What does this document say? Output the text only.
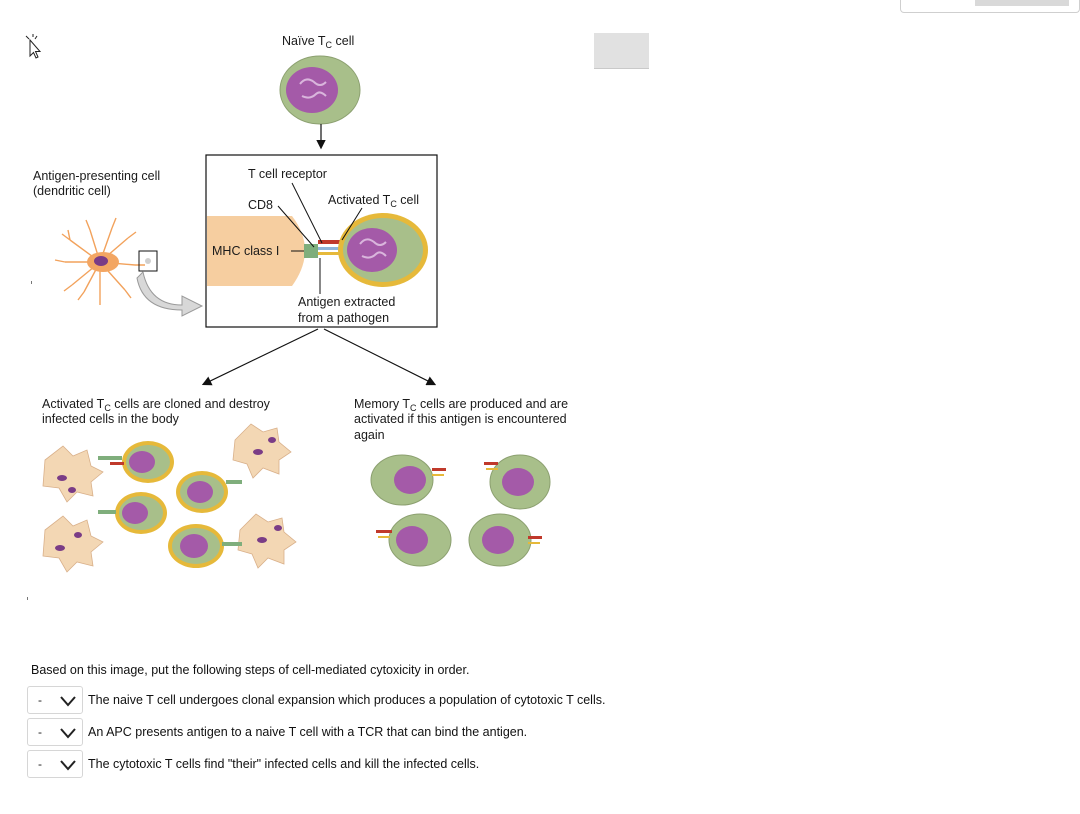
Naïve $T_C$ cell
Antigen-presenting cell
(dendritic cell)
MHC class I
T cell receptor
CD8	Activated $T_C$ cell
Antigen extracted
from a pathogen
Activated $T_C$ cells are cloned and destroy
infected cells in the body
Memory $T_C$ cells are produced and are
activated if this antigen is encountered
again
Based on this image, put the following steps of cell-mediated cytoxicity in order.
-	The naive T cell undergoes clonal expansion which produces a population of cytotoxic T cells.
-	An APC presents antigen to a naive T cell with a TCR that can bind the antigen.
-	The cytotoxic T cells find "their" infected cells and kill the infected cells.
